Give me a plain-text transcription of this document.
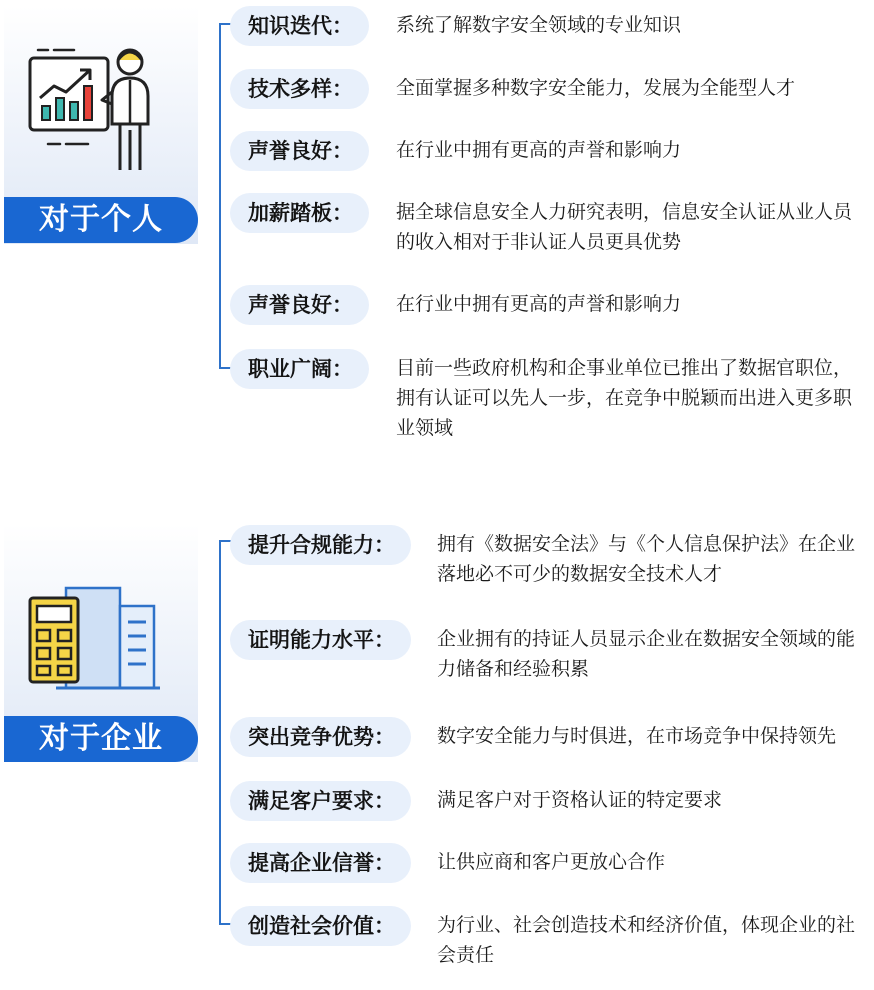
对于个人
知识迭代：	系统了解数字安全领域的专业知识
技术多样：	全面掌握多种数字安全能力，发展为全能型人才
声誉良好：	在行业中拥有更高的声誉和影响力
加薪踏板：	据全球信息安全人力研究表明，信息安全认证从业人员的收入相对于非认证人员更具优势
声誉良好：	在行业中拥有更高的声誉和影响力
职业广阔：	目前一些政府机构和企事业单位已推出了数据官职位，拥有认证可以先人一步，在竞争中脱颖而出进入更多职业领域
对于企业
提升合规能力：	拥有《数据安全法》与《个人信息保护法》在企业落地必不可少的数据安全技术人才
证明能力水平：	企业拥有的持证人员显示企业在数据安全领域的能力储备和经验积累
突出竞争优势：	数字安全能力与时俱进，在市场竞争中保持领先
满足客户要求：	满足客户对于资格认证的特定要求
提高企业信誉：	让供应商和客户更放心合作
创造社会价值：	为行业、社会创造技术和经济价值，体现企业的社会责任
